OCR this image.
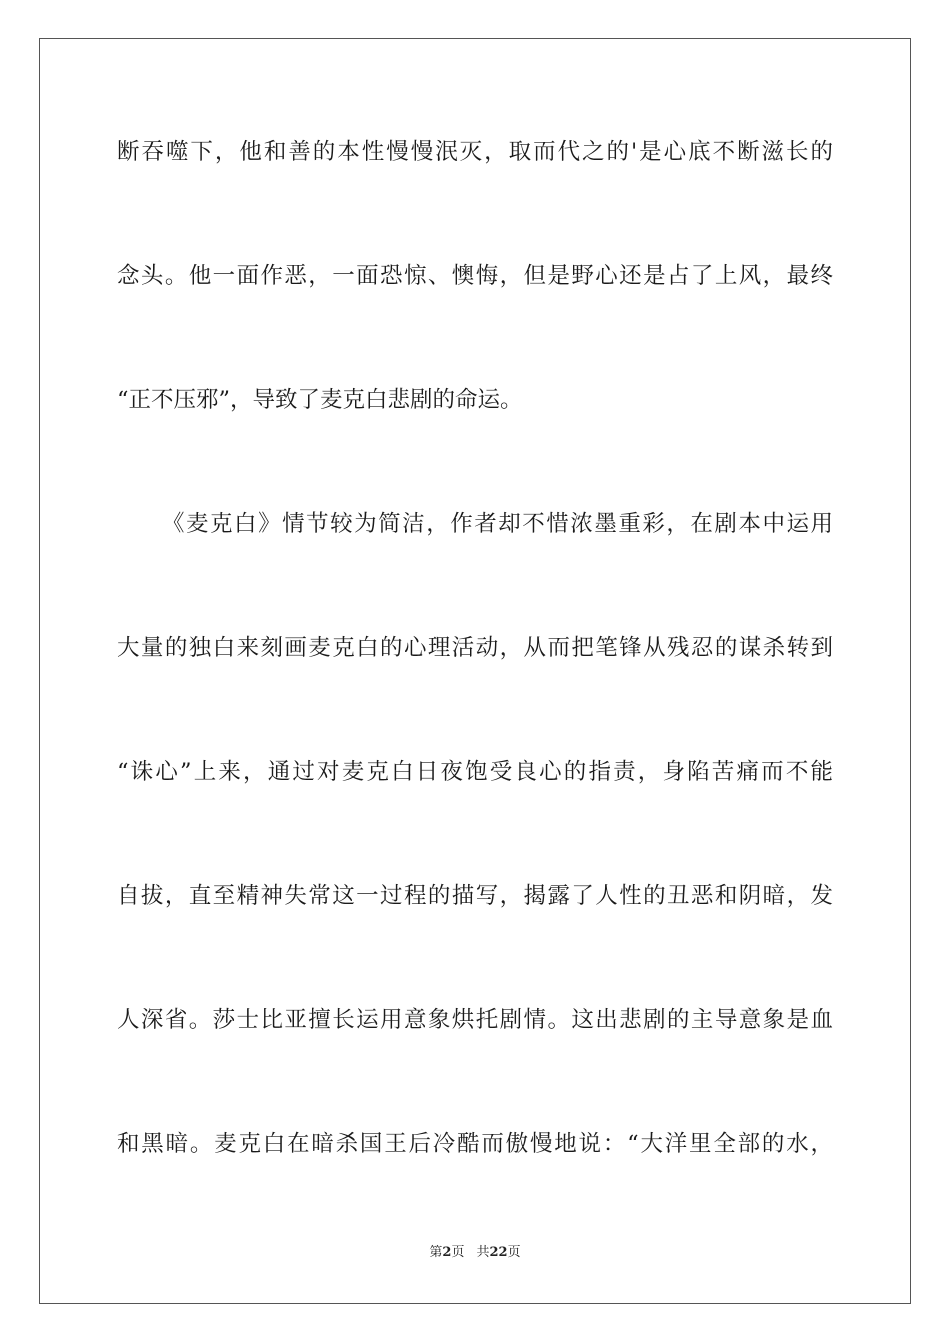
断吞噬下，他和善的本性慢慢泯灭，取而代之的'是心底不断滋长的
念头。他一面作恶，一面恐惊、懊悔，但是野心还是占了上风，最终
“正不压邪”，导致了麦克白悲剧的命运。
《麦克白》情节较为简洁，作者却不惜浓墨重彩，在剧本中运用
大量的独白来刻画麦克白的心理活动，从而把笔锋从残忍的谋杀转到
“诛心”上来，通过对麦克白日夜饱受良心的指责，身陷苦痛而不能
自拔，直至精神失常这一过程的描写，揭露了人性的丑恶和阴暗，发
人深省。莎士比亚擅长运用意象烘托剧情。这出悲剧的主导意象是血
和黑暗。麦克白在暗杀国王后冷酷而傲慢地说：“大洋里全部的水，
第2页 共22页
